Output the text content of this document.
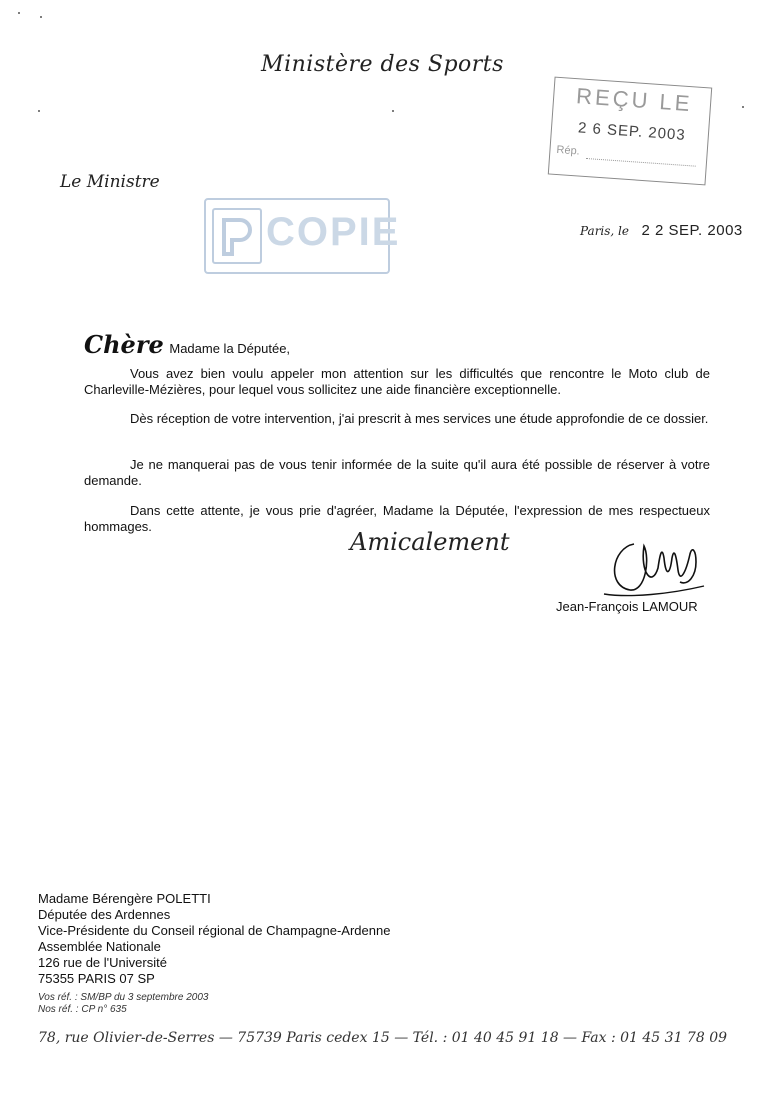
Ministère des Sports
REÇU LE
2 6 SEP. 2003
Rép.
Le Ministre
COPIE	Paris, le 2 2 SEP. 2003
Chère Madame la Députée,
Vous avez bien voulu appeler mon attention sur les difficultés que rencontre le Moto club de Charleville-Mézières, pour lequel vous sollicitez une aide financière exceptionnelle.
Dès réception de votre intervention, j'ai prescrit à mes services une étude approfondie de ce dossier.
Je ne manquerai pas de vous tenir informée de la suite qu'il aura été possible de réserver à votre demande.
Dans cette attente, je vous prie d'agréer, Madame la Députée, l'expression de mes respectueux hommages.
Amicalement
Jean-François LAMOUR
Madame Bérengère POLETTI
Députée des Ardennes
Vice-Présidente du Conseil régional de Champagne-Ardenne
Assemblée Nationale
126 rue de l'Université
75355 PARIS 07 SP
Vos réf. : SM/BP du 3 septembre 2003
Nos réf. : CP n° 635
78, rue Olivier-de-Serres — 75739 Paris cedex 15 — Tél. : 01 40 45 91 18 — Fax : 01 45 31 78 09
